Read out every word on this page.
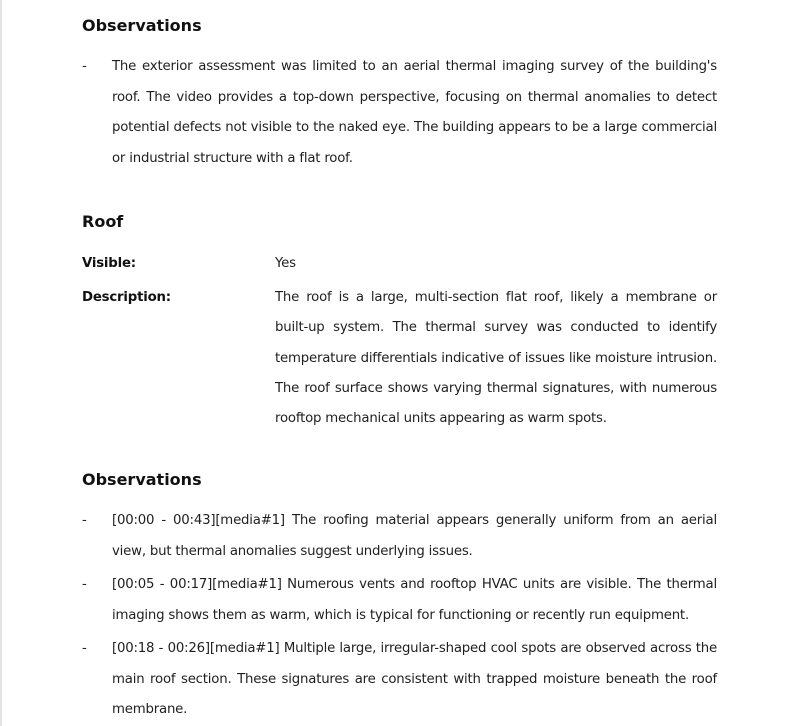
Observations
-	The exterior assessment was limited to an aerial thermal imaging survey of the building's roof. The video provides a top-down perspective, focusing on thermal anomalies to detect potential defects not visible to the naked eye. The building appears to be a large commercial or industrial structure with a flat roof.
Roof
Visible:	Yes
Description:	The roof is a large, multi-section flat roof, likely a membrane or built-up system. The thermal survey was conducted to identify temperature differentials indicative of issues like moisture intrusion. The roof surface shows varying thermal signatures, with numerous rooftop mechanical units appearing as warm spots.
Observations
-	[00:00 - 00:43][media#1] The roofing material appears generally uniform from an aerial view, but thermal anomalies suggest underlying issues.
-	[00:05 - 00:17][media#1] Numerous vents and rooftop HVAC units are visible. The thermal imaging shows them as warm, which is typical for functioning or recently run equipment.
-	[00:18 - 00:26][media#1] Multiple large, irregular-shaped cool spots are observed across the main roof section. These signatures are consistent with trapped moisture beneath the roof membrane.
